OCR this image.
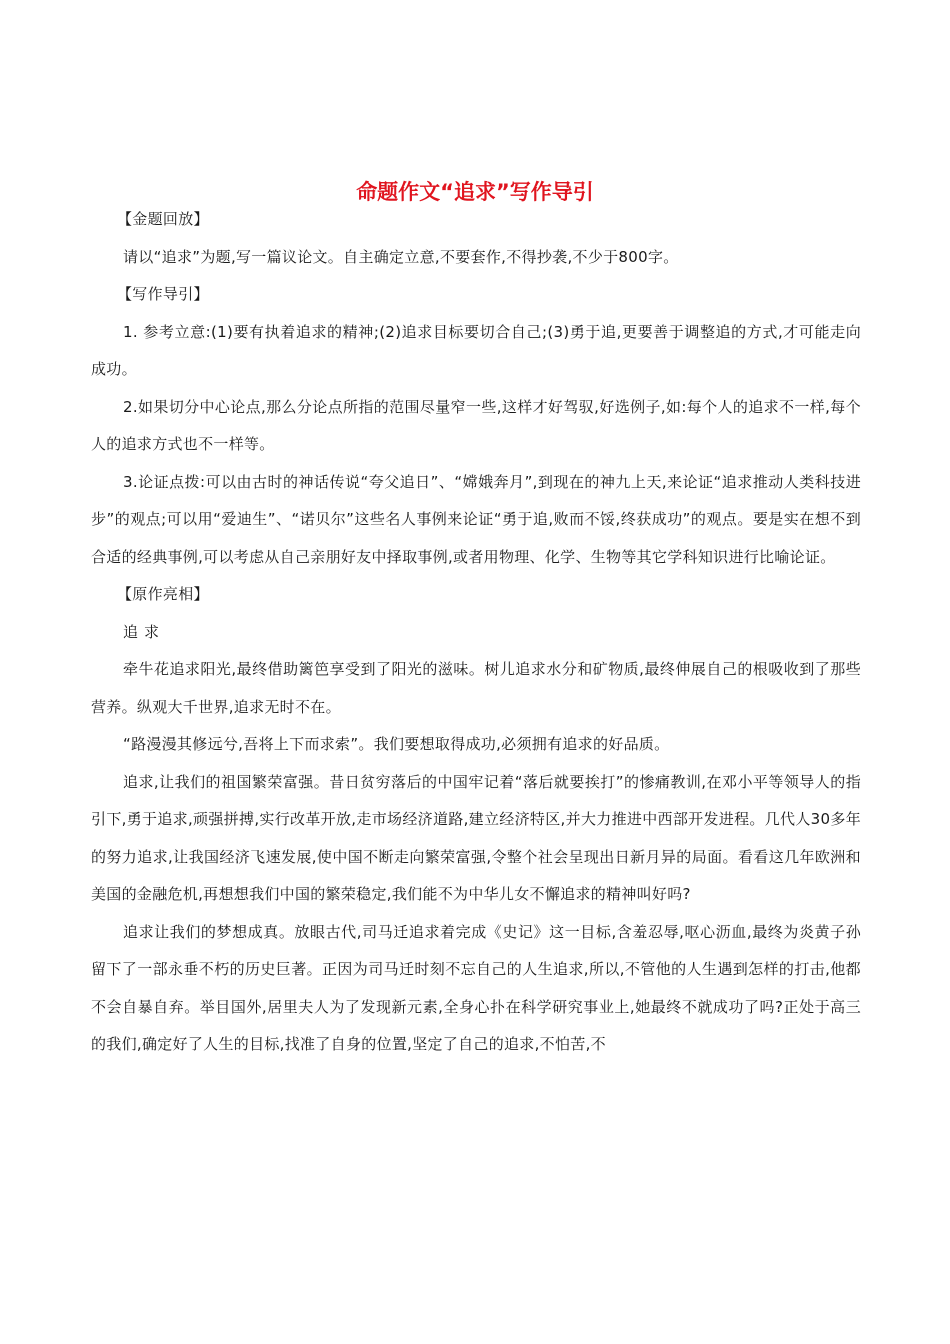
命题作文“追求”写作导引

【金题回放】

请以“追求”为题,写一篇议论文。自主确定立意,不要套作,不得抄袭,不少于800字。

【写作导引】

1. 参考立意:(1)要有执着追求的精神;(2)追求目标要切合自己;(3)勇于追,更要善于调整追的方式,才可能走向成功。

2.如果切分中心论点,那么分论点所指的范围尽量窄一些,这样才好驾驭,好选例子,如:每个人的追求不一样,每个人的追求方式也不一样等。

3.论证点拨:可以由古时的神话传说“夸父追日”、“嫦娥奔月”,到现在的神九上天,来论证“追求推动人类科技进步”的观点;可以用“爱迪生”、“诺贝尔”这些名人事例来论证“勇于追,败而不馁,终获成功”的观点。要是实在想不到合适的经典事例,可以考虑从自己亲朋好友中择取事例,或者用物理、化学、生物等其它学科知识进行比喻论证。

【原作亮相】

追求

牵牛花追求阳光,最终借助篱笆享受到了阳光的滋味。树儿追求水分和矿物质,最终伸展自己的根吸收到了那些营养。纵观大千世界,追求无时不在。

“路漫漫其修远兮,吾将上下而求索”。我们要想取得成功,必须拥有追求的好品质。

追求,让我们的祖国繁荣富强。昔日贫穷落后的中国牢记着“落后就要挨打”的惨痛教训,在邓小平等领导人的指引下,勇于追求,顽强拼搏,实行改革开放,走市场经济道路,建立经济特区,并大力推进中西部开发进程。几代人30多年的努力追求,让我国经济飞速发展,使中国不断走向繁荣富强,令整个社会呈现出日新月异的局面。看看这几年欧洲和美国的金融危机,再想想我们中国的繁荣稳定,我们能不为中华儿女不懈追求的精神叫好吗?

追求让我们的梦想成真。放眼古代,司马迁追求着完成《史记》这一目标,含羞忍辱,呕心沥血,最终为炎黄子孙留下了一部永垂不朽的历史巨著。正因为司马迁时刻不忘自己的人生追求,所以,不管他的人生遇到怎样的打击,他都不会自暴自弃。举目国外,居里夫人为了发现新元素,全身心扑在科学研究事业上,她最终不就成功了吗?正处于高三的我们,确定好了人生的目标,找准了自身的位置,坚定了自己的追求,不怕苦,不
